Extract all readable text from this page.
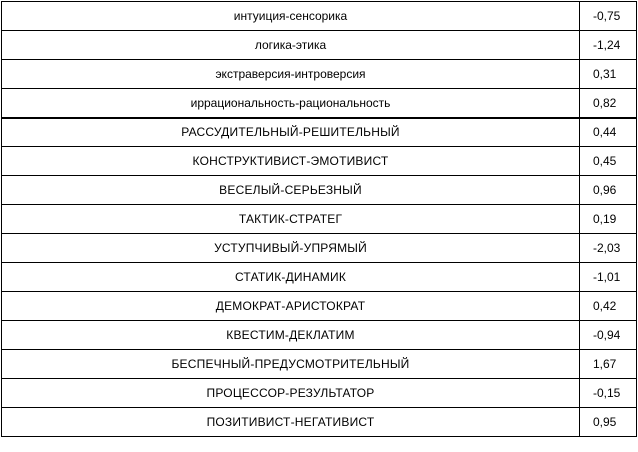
интуиция-сенсорика	-0,75
логика-этика	-1,24
экстраверсия-интроверсия	0,31
иррациональность-рациональность	0,82
РАССУДИТЕЛЬНЫЙ-РЕШИТЕЛЬНЫЙ	0,44
КОНСТРУКТИВИСТ-ЭМОТИВИСТ	0,45
ВЕСЕЛЫЙ-СЕРЬЕЗНЫЙ	0,96
ТАКТИК-СТРАТЕГ	0,19
УСТУПЧИВЫЙ-УПРЯМЫЙ	-2,03
СТАТИК-ДИНАМИК	-1,01
ДЕМОКРАТ-АРИСТОКРАТ	0,42
КВЕСТИМ-ДЕКЛАТИМ	-0,94
БЕСПЕЧНЫЙ-ПРЕДУСМОТРИТЕЛЬНЫЙ	1,67
ПРОЦЕССОР-РЕЗУЛЬТАТОР	-0,15
ПОЗИТИВИСТ-НЕГАТИВИСТ	0,95
